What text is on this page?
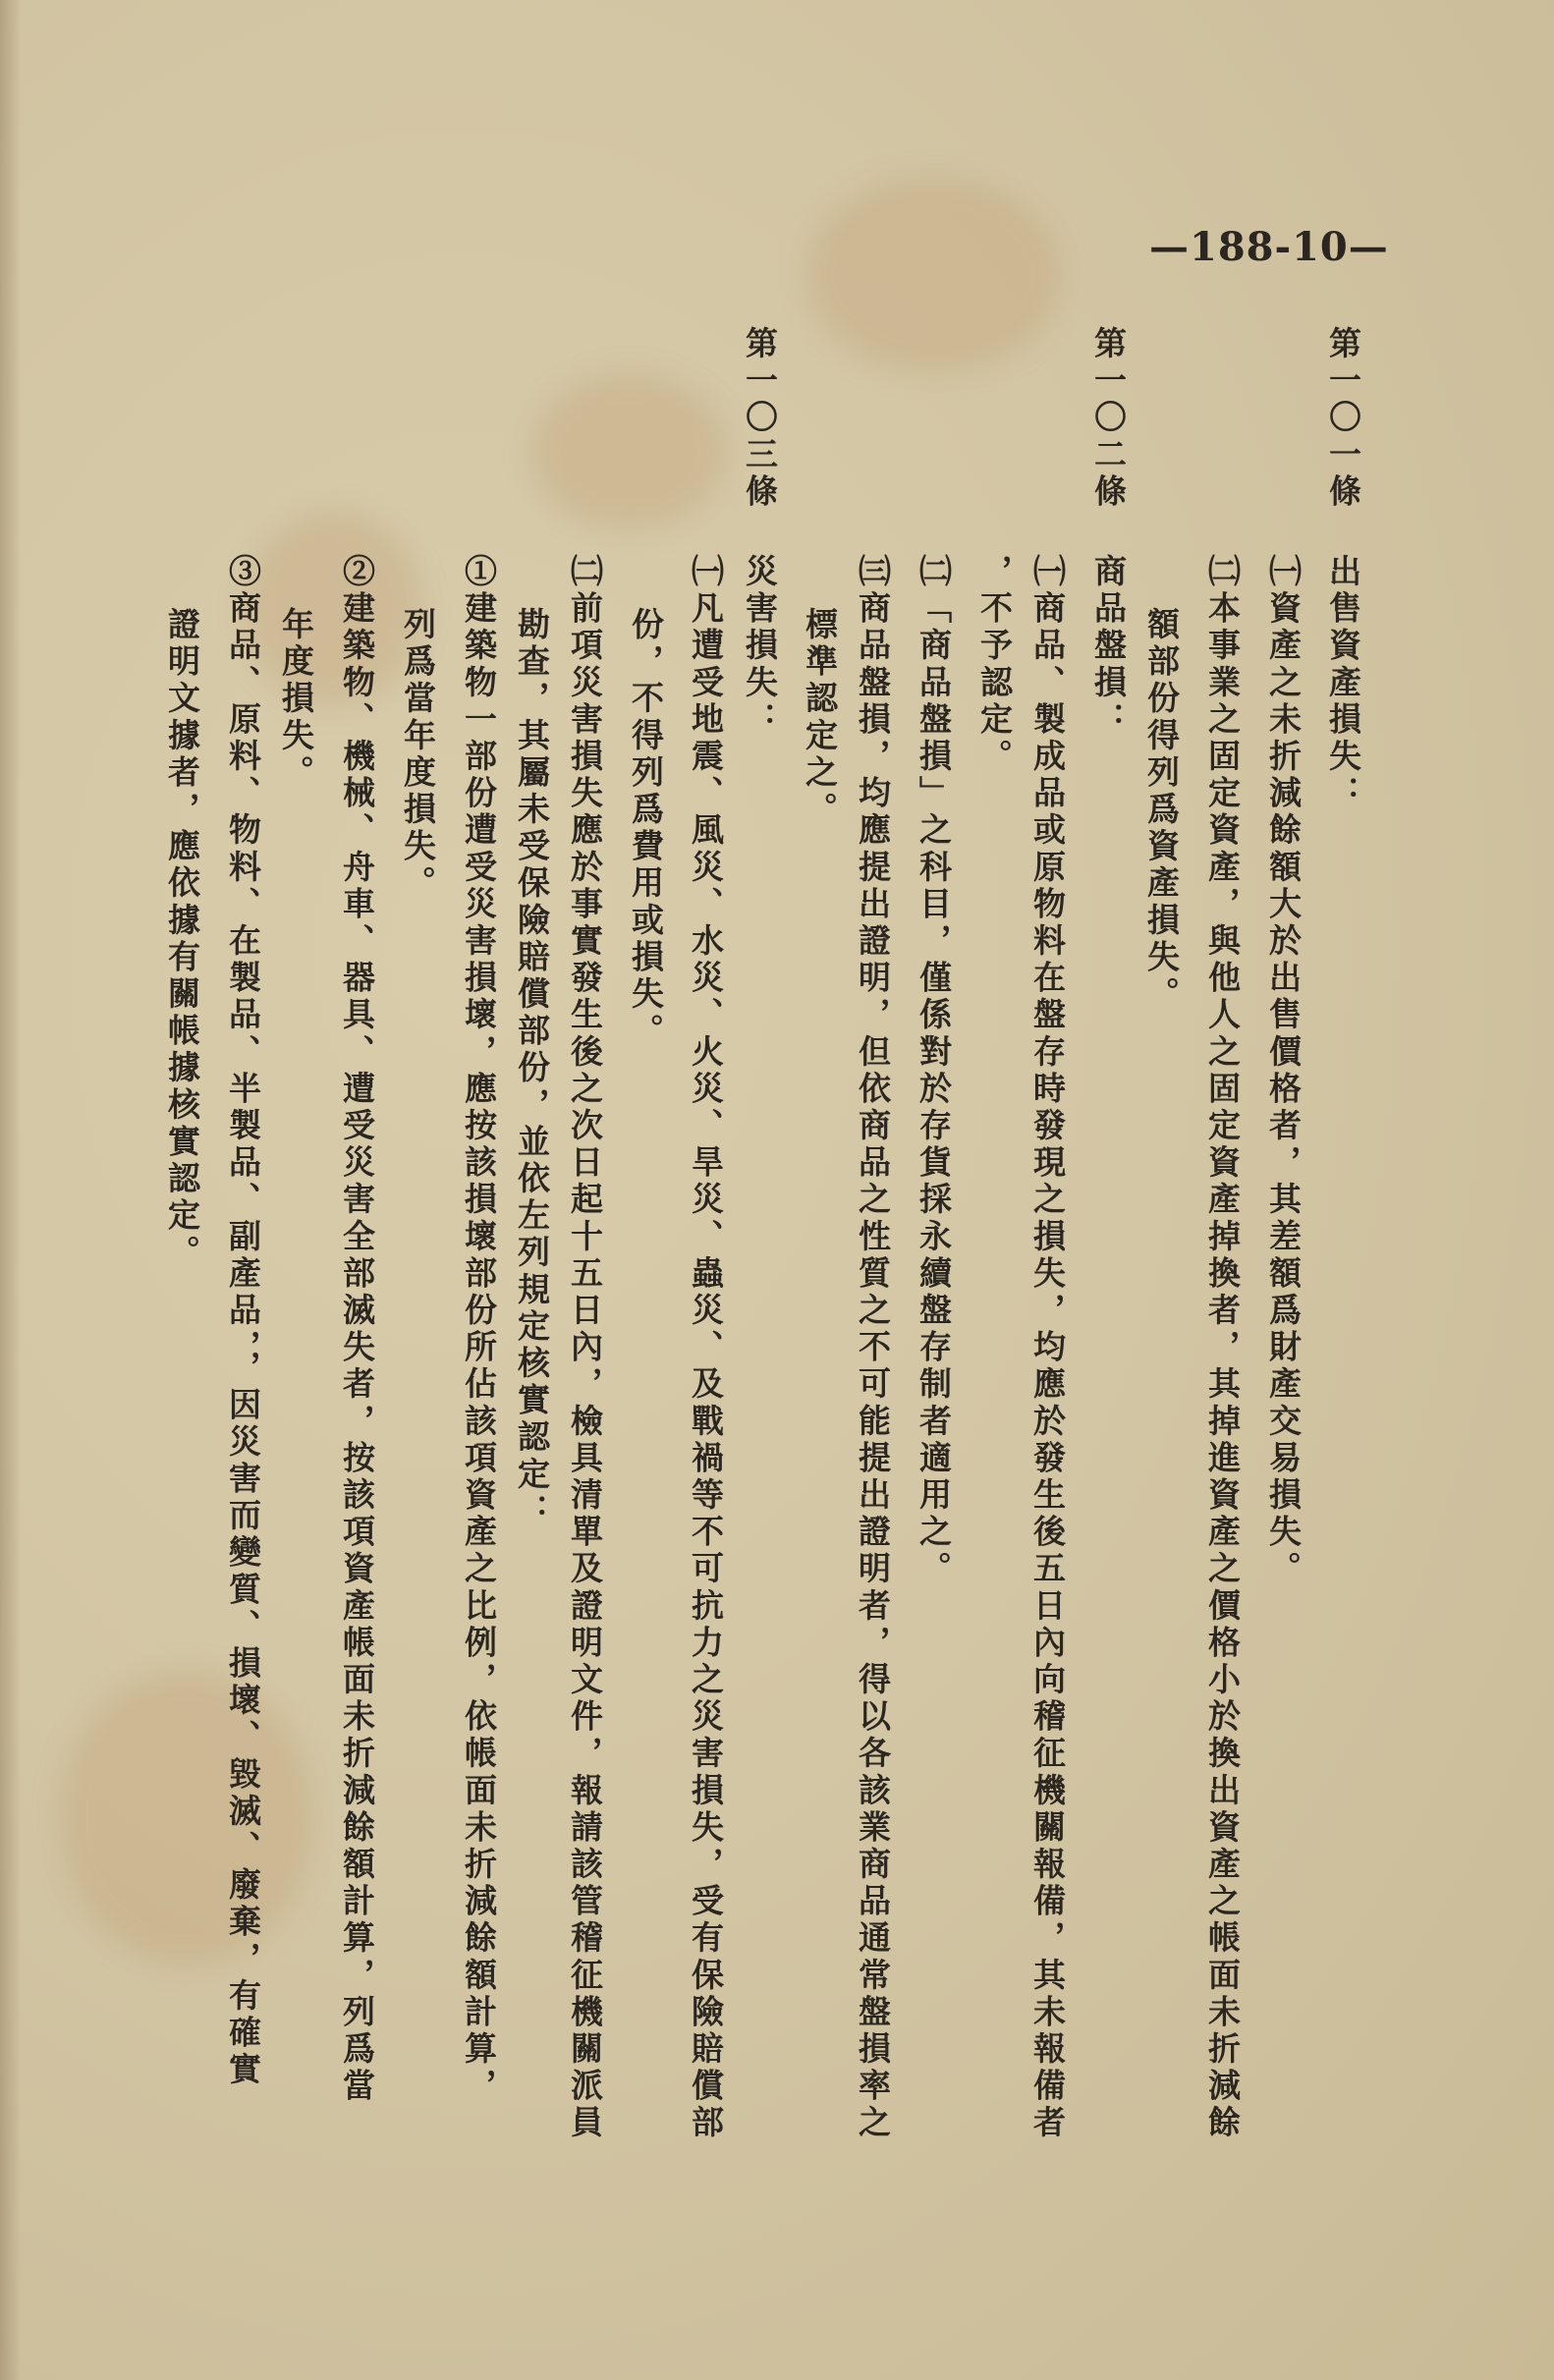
—188-10—
第一〇一條
出售資產損失：
㈠資產之未折減餘額大於出售價格者，其差額爲財產交易損失。
㈡本事業之固定資產，與他人之固定資產掉換者，其掉進資產之價格小於換出資產之帳面未折減餘
額部份得列爲資產損失。
第一〇二條
商品盤損：
㈠商品、製成品或原物料在盤存時發現之損失，均應於發生後五日內向稽征機關報備，其未報備者
，不予認定。
㈡「商品盤損」之科目，僅係對於存貨採永續盤存制者適用之。
㈢商品盤損，均應提出證明，但依商品之性質之不可能提出證明者，得以各該業商品通常盤損率之
標準認定之。
第一〇三條
災害損失：
㈠凡遭受地震、風災、水災、火災、旱災、蟲災、及戰禍等不可抗力之災害損失，受有保險賠償部
份，不得列爲費用或損失。
㈡前項災害損失應於事實發生後之次日起十五日內，檢具清單及證明文件，報請該管稽征機關派員
勘查，其屬未受保險賠償部份，並依左列規定核實認定：
①建築物一部份遭受災害損壞，應按該損壞部份所佔該項資產之比例，依帳面未折減餘額計算，
列爲當年度損失。
②建築物、機械、舟車、器具、遭受災害全部滅失者，按該項資產帳面未折減餘額計算，列爲當
年度損失。
③商品、原料、物料、在製品、半製品、副產品，，因災害而變質、損壞、毀滅、廢棄，有確實
證明文據者，應依據有關帳據核實認定。
